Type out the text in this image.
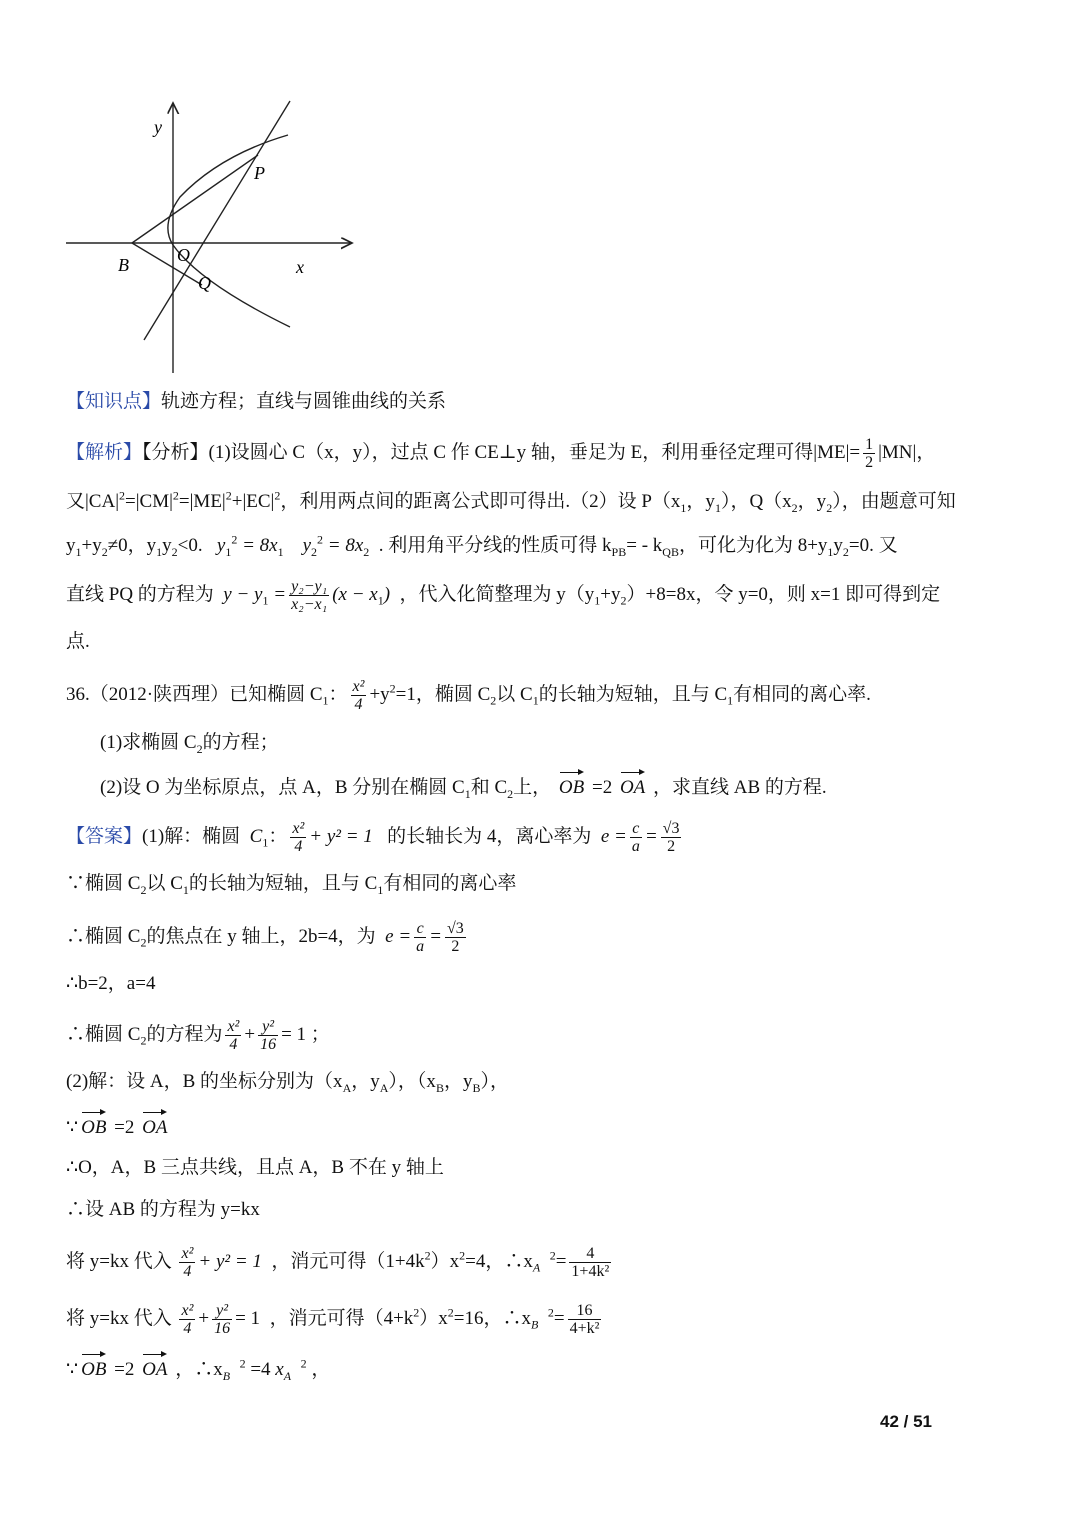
y
x
P
B	O
Q
【知识点】轨迹方程；直线与圆锥曲线的关系
【解析】【分析】(1)设圆心 C（x，y），过点 C 作 CE⊥y 轴，垂足为 E，利用垂径定理可得$|ME|= \frac{1}{2} |MN|$，
又$|CA|^2=|CM|^2=|ME|^2+|EC|^2$，利用两点间的距离公式即可得出.（2）设 $P(x_1$，$y_1$），$Q(x_2$，$y_2$），由题意可知
$y_1+y_2\ne 0$，$y_1y_2<0$. $y_1^2 = 8x_1$ $y_2^2 = 8x_2$ . 利用角平分线的性质可得 $k_{PB}= - k_{QB}$，可化为化为 $8+y_1y_2=0$. 又
直线 PQ 的方程为 $y - y_1 = \frac{\text{y₂−y₁}}{\text{x₂−x₁}} (x - x_1)$ ，代入化简整理为 $y(y_1+y_2)+8=8x$，令 y=0，则 x=1 即可得到定
点.
36.（2012·陕西理）已知椭圆 $C_1$： $\frac{\text{x²}}{4} +y^2=1$，椭圆 $C_2$以 $C_1$的长轴为短轴，且与 $C_1$有相同的离心率.
(1)求椭圆 $C_2$的方程；
(2)设 O 为坐标原点，点 A，B 分别在椭圆 $C_1$和 $C_2$上， OB =2 OA ，求直线 AB 的方程.
【答案】(1)解：椭圆 $C_1$： $\frac{\text{x²}}{4} + y^2 = 1$ 的长轴长为 4，离心率为 $e = \frac{c}{a} = \frac{√3}{2}$
∵椭圆 $C_2$以 $C_1$的长轴为短轴，且与 $C_1$有相同的离心率
∴椭圆 $C_2$的焦点在 y 轴上，2b=4，为 $e = \frac{c}{a} = \frac{√3}{2}$
∴b=2，a=4
∴椭圆 $C_2$的方程为 $\frac{\text{x²}}{4} + \frac{\text{y²}}{16} = 1$ ；
(2)解：设 A，B 的坐标分别为（$x_A$，$y_A$），（$x_B$，$y_B$），
∵ OB =2 OA
∴O，A，B 三点共线，且点 A，B 不在 y 轴上
∴设 AB 的方程为 y=kx
将 y=kx 代入 $\frac{\text{x²}}{4} + y^2 = 1$ ，消元可得$(1+4k^2)x^2=4$，$\therefore x_A$  $^2= \frac{4}{\text{1+4k²}}$
将 y=kx 代入 $\frac{\text{x²}}{4} + \frac{\text{y²}}{16} = 1$ ，消元可得$(4+k^2)x^2=16$，$\therefore x_B$  $^2= \frac{16}{\text{4+k²}}$
∵ OB =2 OA ，$\therefore x_B$  $^2$ =4 $x_A$  $^2$ ，
42 / 51
